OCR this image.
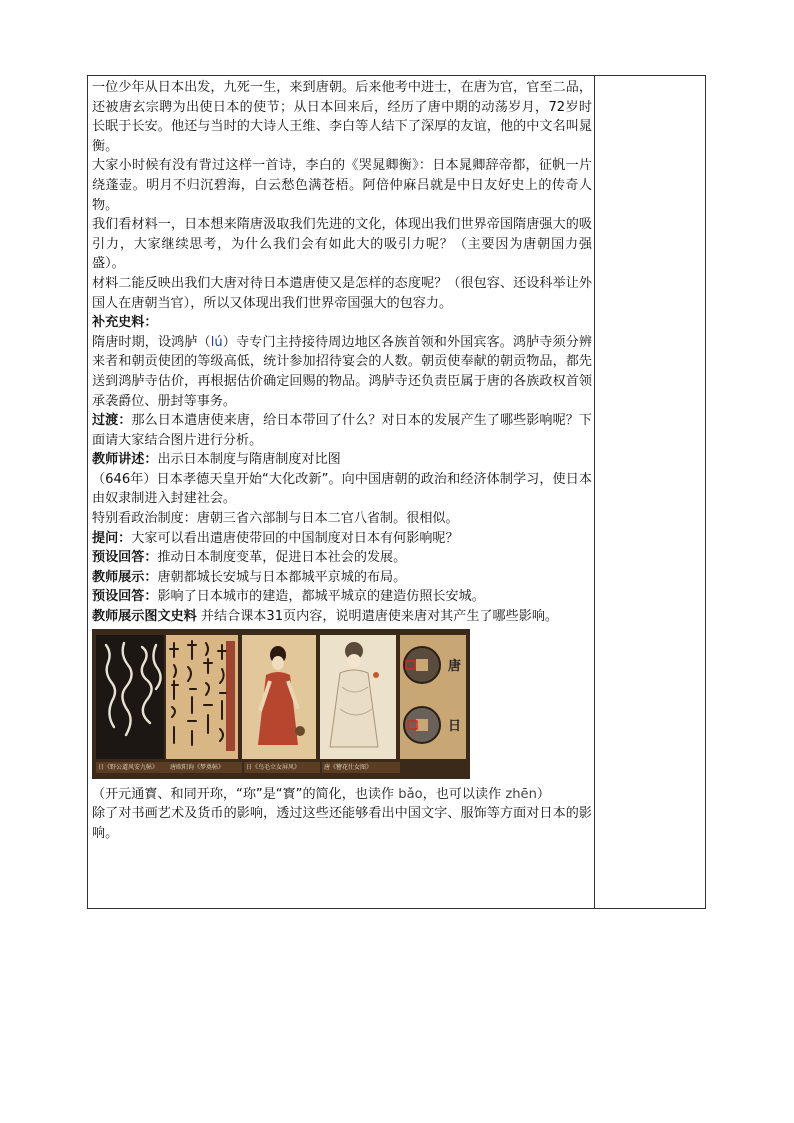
一位少年从日本出发，九死一生，来到唐朝。后来他考中进士，在唐为官，官至二品，还被唐玄宗聘为出使日本的使节；从日本回来后，经历了唐中期的动荡岁月，72岁时长眠于长安。他还与当时的大诗人王维、李白等人结下了深厚的友谊，他的中文名叫晁衡。

大家小时候有没有背过这样一首诗，李白的《哭晁卿衡》：日本晁卿辞帝都，征帆一片绕蓬壶。明月不归沉碧海，白云愁色满苍梧。阿倍仲麻吕就是中日友好史上的传奇人物。

我们看材料一，日本想来隋唐汲取我们先进的文化，体现出我们世界帝国隋唐强大的吸引力，大家继续思考，为什么我们会有如此大的吸引力呢？（主要因为唐朝国力强盛）。

材料二能反映出我们大唐对待日本遣唐使又是怎样的态度呢？（很包容、还设科举让外国人在唐朝当官），所以又体现出我们世界帝国强大的包容力。

补充史料：

隋唐时期，设鸿胪（lú）寺专门主持接待周边地区各族首领和外国宾客。鸿胪寺须分辨来者和朝贡使团的等级高低，统计参加招待宴会的人数。朝贡使奉献的朝贡物品，都先送到鸿胪寺估价，再根据估价确定回赐的物品。鸿胪寺还负责臣属于唐的各族政权首领承袭爵位、册封等事务。

过渡：那么日本遣唐使来唐，给日本带回了什么？对日本的发展产生了哪些影响呢？下面请大家结合图片进行分析。

教师讲述：出示日本制度与隋唐制度对比图

（646年）日本孝德天皇开始“大化改新”。向中国唐朝的政治和经济体制学习，使日本由奴隶制进入封建社会。

特别看政治制度：唐朝三省六部制与日本二官八省制。很相似。

提问：大家可以看出遣唐使带回的中国制度对日本有何影响呢？

预设回答：推动日本制度变革，促进日本社会的发展。

教师展示：唐朝都城长安城与日本都城平京城的布局。

预设回答：影响了日本城市的建造，都城平城京的建造仿照长安城。

教师展示图文史料 并结合课本31页内容，说明遣唐使来唐对其产生了哪些影响。

唐
日
日《野公道风安九帖》	唐欧阳询《梦奠帖》	日《鸟毛立女屏风》	唐《簪花仕女图》

（开元通寳、和同开珎，“珎”是“寳”的简化，也读作 bǎo，也可以读作 zhēn）

除了对书画艺术及货币的影响，透过这些还能够看出中国文字、服饰等方面对日本的影响。
